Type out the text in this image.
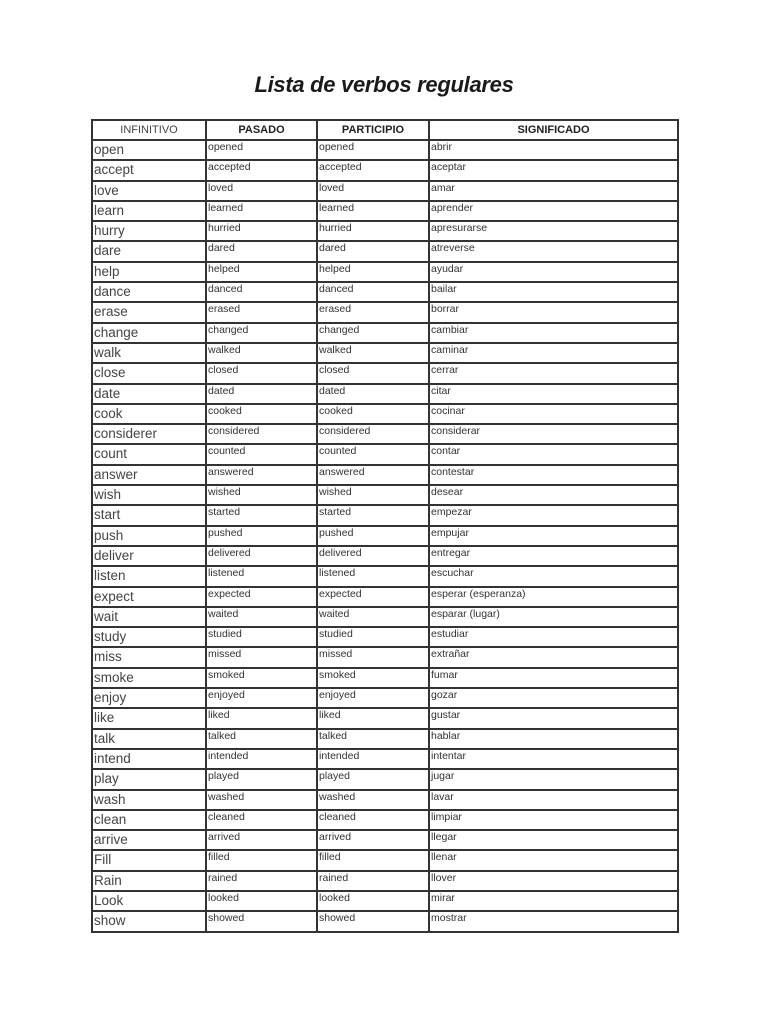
Lista de verbos regulares
INFINITIVO	PASADO	PARTICIPIO	SIGNIFICADO
open	opened	opened	abrir
accept	accepted	accepted	aceptar
love	loved	loved	amar
learn	learned	learned	aprender
hurry	hurried	hurried	apresurarse
dare	dared	dared	atreverse
help	helped	helped	ayudar
dance	danced	danced	bailar
erase	erased	erased	borrar
change	changed	changed	cambiar
walk	walked	walked	caminar
close	closed	closed	cerrar
date	dated	dated	citar
cook	cooked	cooked	cocinar
considerer	considered	considered	considerar
count	counted	counted	contar
answer	answered	answered	contestar
wish	wished	wished	desear
start	started	started	empezar
push	pushed	pushed	empujar
deliver	delivered	delivered	entregar
listen	listened	listened	escuchar
expect	expected	expected	esperar (esperanza)
wait	waited	waited	esparar (lugar)
study	studied	studied	estudiar
miss	missed	missed	extrañar
smoke	smoked	smoked	fumar
enjoy	enjoyed	enjoyed	gozar
like	liked	liked	gustar
talk	talked	talked	hablar
intend	intended	intended	intentar
play	played	played	jugar
wash	washed	washed	lavar
clean	cleaned	cleaned	limpiar
arrive	arrived	arrived	llegar
Fill	filled	filled	llenar
Rain	rained	rained	llover
Look	looked	looked	mirar
show	showed	showed	mostrar
